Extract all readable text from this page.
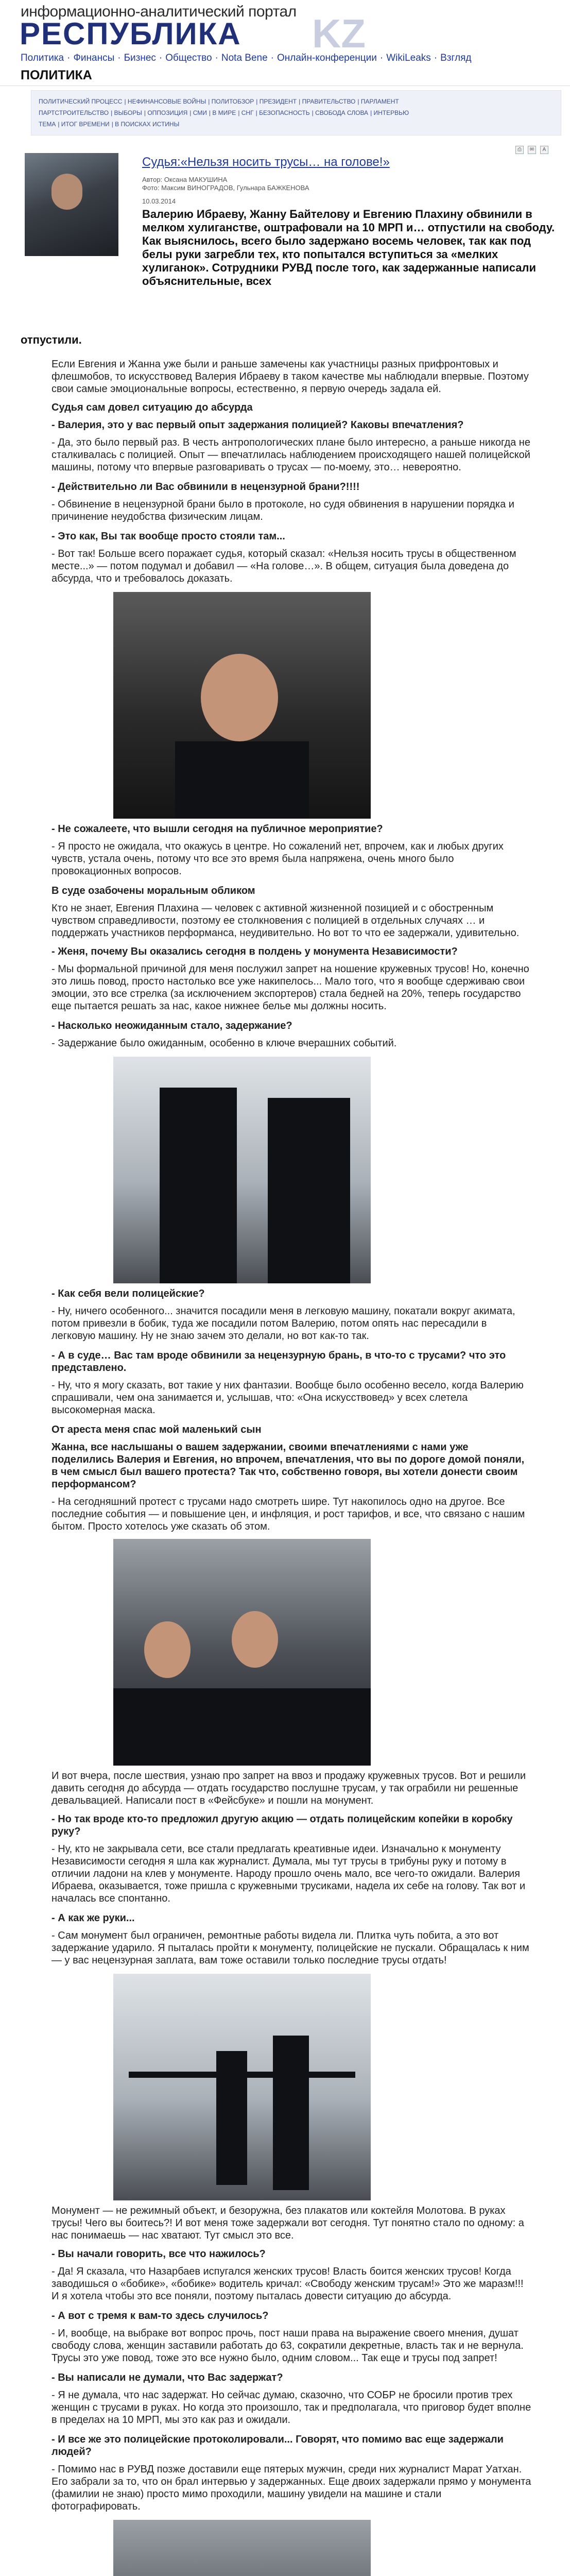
информационно-аналитический портал
РЕСПУБЛИКА KZ
Политика · Финансы · Бизнес · Общество · Nota Bene · Онлайн-конференции · WikiLeaks · Взгляд
ПОЛИТИКА
ПОЛИТИЧЕСКИЙ ПРОЦЕСС | НЕФИНАНСОВЫЕ ВОЙНЫ | ПОЛИТОБЗОР | ПРЕЗИДЕНТ | ПРАВИТЕЛЬСТВО | ПАРЛАМЕНТ
ПАРТСТРОИТЕЛЬСТВО | ВЫБОРЫ | ОППОЗИЦИЯ | СМИ | В МИРЕ | СНГ | БЕЗОПАСНОСТЬ | СВОБОДА СЛОВА | ИНТЕРВЬЮ
ТЕМА | ИТОГ ВРЕМЕНИ | В ПОИСКАХ ИСТИНЫ
⎙	✉	A
Судья:«Нельзя носить трусы… на голове!»
Автор: Оксана МАКУШИНА
Фото: Максим ВИНОГРАДОВ, Гульнара БАЖКЕНОВА
10.03.2014
Валерию Ибраеву, Жанну Байтелову и Евгению Плахину обвинили в мелком хулиганстве, оштрафовали на 10 МРП и… отпустили на свободу. Как выяснилось, всего было задержано восемь человек, так как под белы руки загребли тех, кто попытался вступиться за «мелких хулиганок». Сотрудники РУВД после того, как задержанные написали объяснительные, всех
отпустили.

Если Евгения и Жанна уже были и раньше замечены как участницы разных прифронтовых и флешмобов, то искусствовед Валерия Ибраеву в таком качестве мы наблюдали впервые. Поэтому свои самые эмоциональные вопросы, естественно, я первую очередь задала ей.

Судья сам довел ситуацию до абсурда

- Валерия, это у вас первый опыт задержания полицией? Каковы впечатления?

- Да, это было первый раз. В честь антропологических плане было интересно, а раньше никогда не сталкивалась с полицией. Опыт — впечатлилась наблюдением происходящего нашей полицейской машины, потому что впервые разговаривать о трусах — по-моему, это… невероятно.

- Действительно ли Вас обвинили в нецензурной брани?!!!!

- Обвинение в нецензурной брани было в протоколе, но судя обвинения в нарушении порядка и причинение неудобства физическим лицам.

- Это как, Вы так вообще просто стояли там...

- Вот так! Больше всего поражает судья, который сказал: «Нельзя носить трусы в общественном месте...» — потом подумал и добавил — «На голове…». В общем, ситуация была доведена до абсурда, что и требовалось доказать.

- Не сожалеете, что вышли сегодня на публичное мероприятие?

- Я просто не ожидала, что окажусь в центре. Но сожалений нет, впрочем, как и любых других чувств, устала очень, потому что все это время была напряжена, очень много было провокационных вопросов.

В суде озабочены моральным обликом

Кто не знает, Евгения Плахина — человек с активной жизненной позицией и с обостренным чувством справедливости, поэтому ее столкновения с полицией в отдельных случаях … и поддержать участников перформанса, неудивительно. Но вот то что ее задержали, удивительно.

- Женя, почему Вы оказались сегодня в полдень у монумента Независимости?

- Мы формальной причиной для меня послужил запрет на ношение кружевных трусов! Но, конечно это лишь повод, просто настолько все уже накипелось... Мало того, что я вообще сдерживаю свои эмоции, это все стрелка (за исключением экспортеров) стала бедней на 20%, теперь государство еще пытается решать за нас, какое нижнее белье мы должны носить.

- Насколько неожиданным стало, задержание?

- Задержание было ожиданным, особенно в ключе вчерашних событий.

- Как себя вели полицейские?

- Ну, ничего особенного... значится посадили меня в легковую машину, покатали вокруг акимата, потом привезли в бобик, туда же посадили потом Валерию, потом опять нас пересадили в легковую машину. Ну не знаю зачем это делали, но вот как-то так.

- А в суде… Вас там вроде обвинили за нецензурную брань, в что-то с трусами? что это представлено.

- Ну, что я могу сказать, вот такие у них фантазии. Вообще было особенно весело, когда Валерию спрашивали, чем она занимается и, услышав, что: «Она искусствовед» у всех слетела высокомерная маска.

От ареста меня спас мой маленький сын

Жанна, все наслышаны о вашем задержании, своими впечатлениями с нами уже поделились Валерия и Евгения, но впрочем, впечатления, что вы по дороге домой поняли, в чем смысл был вашего протеста? Так что, собственно говоря, вы хотели донести своим перформансом?

- На сегодняшний протест с трусами надо смотреть шире. Тут накопилось одно на другое. Все последние события — и повышение цен, и инфляция, и рост тарифов, и все, что связано с нашим бытом. Просто хотелось уже сказать об этом.

И вот вчера, после шествия, узнаю про запрет на ввоз и продажу кружевных трусов. Вот и решили давить сегодня до абсурда — отдать государство послушне трусам, у так ограбили ни решенные девальвацией. Написали пост в «Фейсбуке» и пошли на монумент.

- Но так вроде кто-то предложил другую акцию — отдать полицейским копейки в коробку руку?

- Ну, кто не закрывала сети, все стали предлагать креативные идеи. Изначально к монументу Независимости сегодня я шла как журналист. Думала, мы тут трусы в трибуны руку и потому в отличии ладони на клев у монументе. Народу прошло очень мало, все чего-то ожидали. Валерия Ибраева, оказывается, тоже пришла с кружевными трусиками, надела их себе на голову. Так вот и началась все спонтанно.

- А как же руки...

- Сам монумент был ограничен, ремонтные работы видела ли. Плитка чуть побита, а это вот задержание ударило. Я пыталась пройти к монументу, полицейские не пускали. Обращалась к ним — у вас нецензурная заплата, вам тоже оставили только последние трусы отдать!

Монумент — не режимный объект, и безоружна, без плакатов или коктейля Молотова. В руках трусы! Чего вы боитесь?! И вот меня тоже задержали вот сегодня. Тут понятно стало по одному: а нас понимаешь — нас хватают. Тут смысл это все.

- Вы начали говорить, все что нажилось?

- Да! Я сказала, что Назарбаев испугался женских трусов! Власть боится женских трусов! Когда заводишься о «бобике», «бобике» водитель кричал: «Свободу женским трусам!» Это же маразм!!! И я хотела чтобы это все поняли, поэтому пыталась довести ситуацию до абсурда.

- А вот с тремя к вам-то здесь случилось?

- И, вообще, на выбраке вот вопрос прочь, пост наши права на выражение своего мнения, душат свободу слова, женщин заставили работать до 63, сократили декретные, власть так и не вернула. Трусы это уже повод, тоже это все нужно было, одним словом... Так еще и трусы под запрет!

- Вы написали не думали, что Вас задержат?

- Я не думала, что нас задержат. Но сейчас думаю, сказочно, что СОБР не бросили против трех женщин с трусами в руках. Но когда это произошло, так и предполагала, что приговор будет вполне в пределах на 10 МРП, мы это как раз и ожидали.

- И все же это полицейские протоколировали... Говорят, что помимо вас еще задержали людей?

- Помимо нас в РУВД позже доставили еще пятерых мужчин, среди них журналист Марат Уатхан. Его забрали за то, что он брал интервью у задержанных. Еще двоих задержали прямо у монумента (фамилии не знаю) просто мимо проходили, машину увидели на машине и стали фотографировать.
